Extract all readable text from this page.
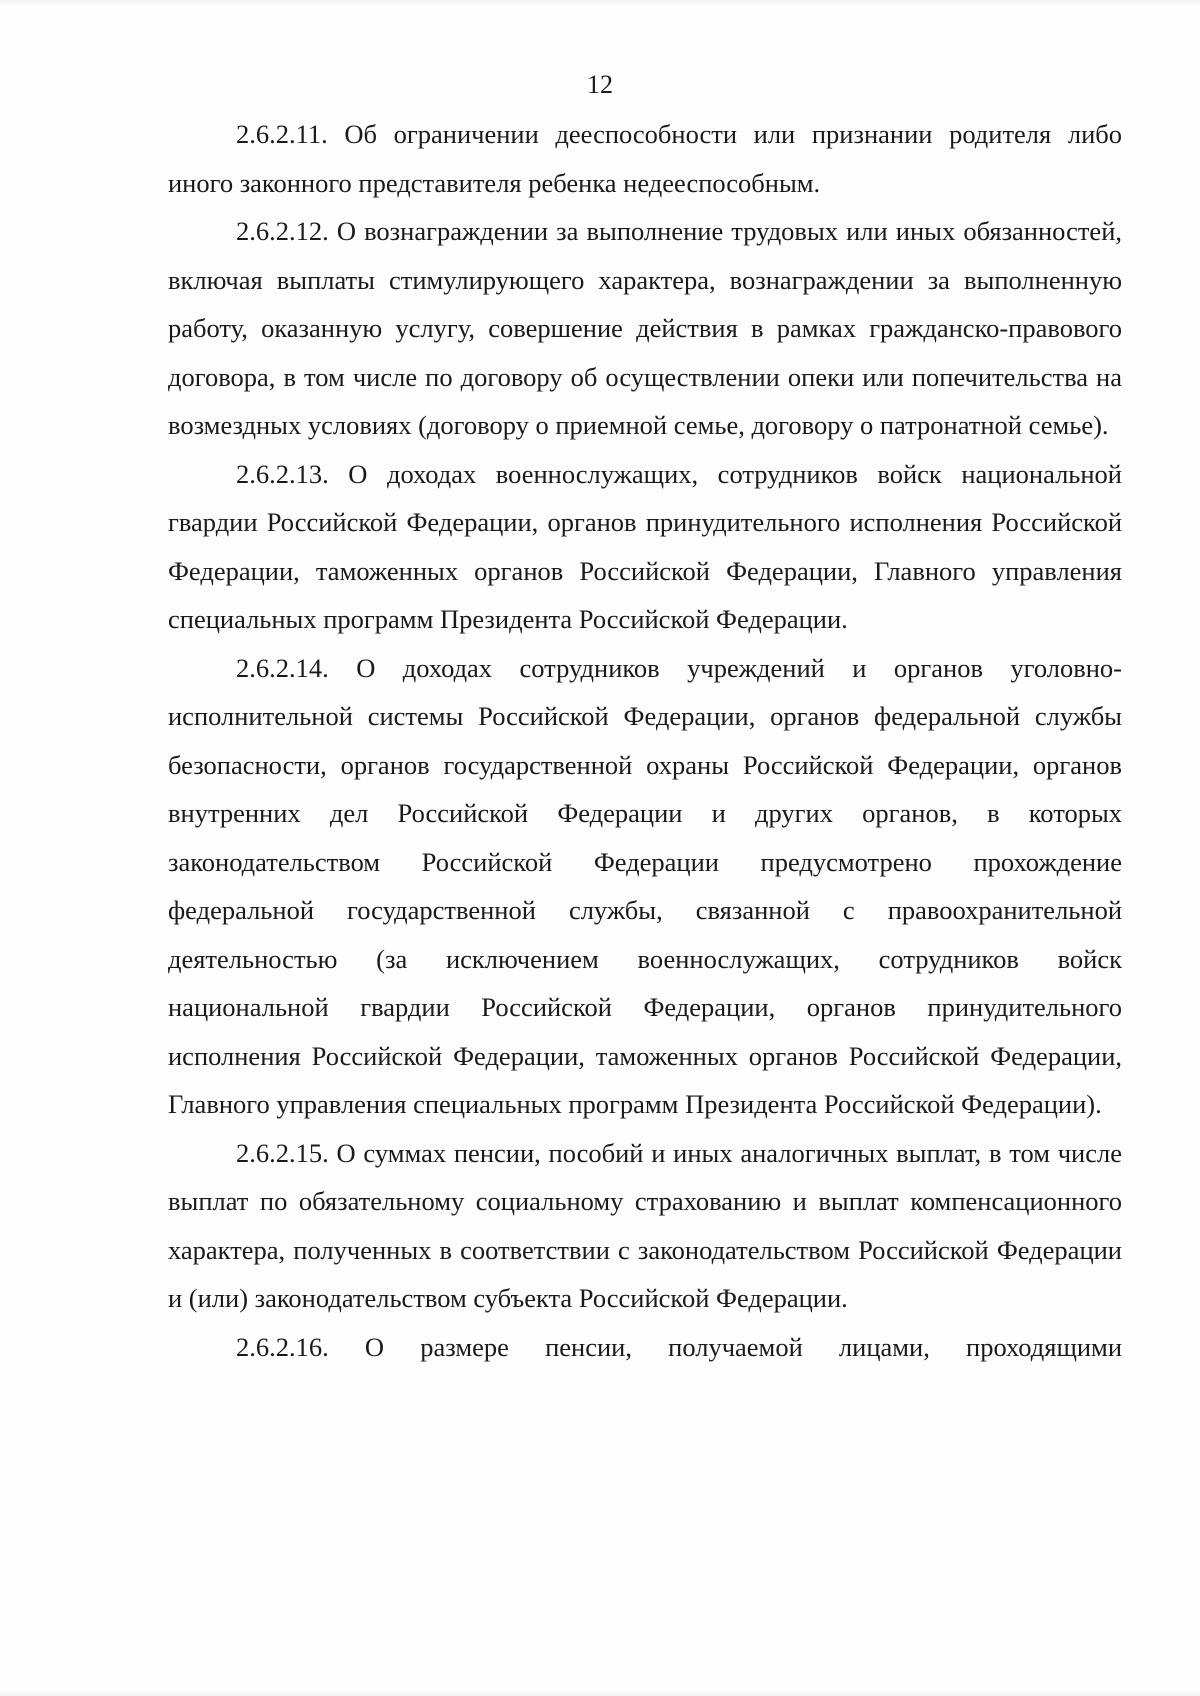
12

2.6.2.11. Об ограничении дееспособности или признании родителя либо иного законного представителя ребенка недееспособным.

2.6.2.12. О вознаграждении за выполнение трудовых или иных обязанностей, включая выплаты стимулирующего характера, вознаграждении за выполненную работу, оказанную услугу, совершение действия в рамках гражданско-правового договора, в том числе по договору об осуществлении опеки или попечительства на возмездных условиях (договору о приемной семье, договору о патронатной семье).

2.6.2.13. О доходах военнослужащих, сотрудников войск национальной гвардии Российской Федерации, органов принудительного исполнения Российской Федерации, таможенных органов Российской Федерации, Главного управления специальных программ Президента Российской Федерации.

2.6.2.14. О доходах сотрудников учреждений и органов уголовно-исполнительной системы Российской Федерации, органов федеральной службы безопасности, органов государственной охраны Российской Федерации, органов внутренних дел Российской Федерации и других органов, в которых законодательством Российской Федерации предусмотрено прохождение федеральной государственной службы, связанной с правоохранительной деятельностью (за исключением военнослужащих, сотрудников войск национальной гвардии Российской Федерации, органов принудительного исполнения Российской Федерации, таможенных органов Российской Федерации, Главного управления специальных программ Президента Российской Федерации).

2.6.2.15. О суммах пенсии, пособий и иных аналогичных выплат, в том числе выплат по обязательному социальному страхованию и выплат компенсационного характера, полученных в соответствии с законодательством Российской Федерации и (или) законодательством субъекта Российской Федерации.

2.6.2.16. О размере пенсии, получаемой лицами, проходящими
